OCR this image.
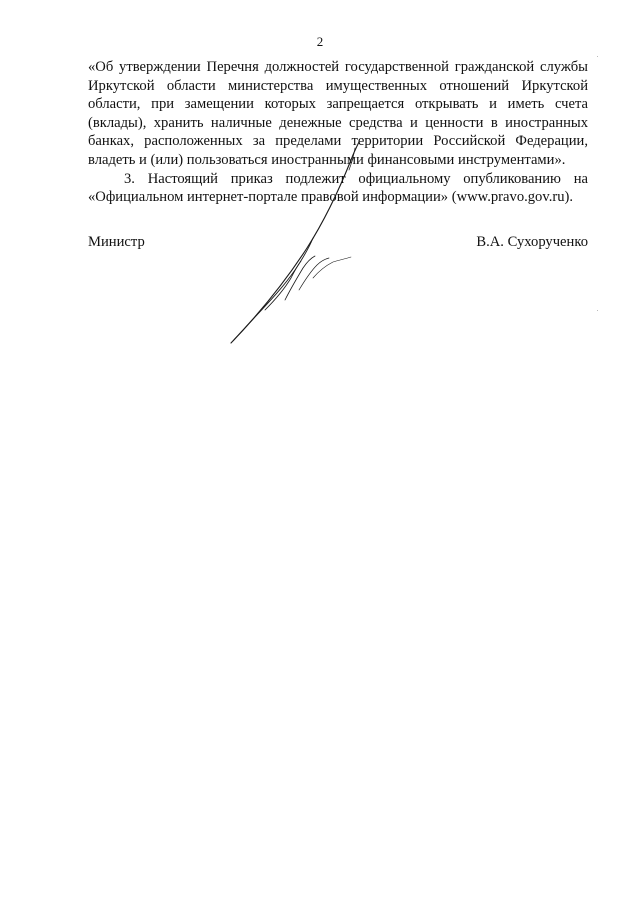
2

«Об утверждении Перечня должностей государственной гражданской службы Иркутской области министерства имущественных отношений Иркутской области, при замещении которых запрещается открывать и иметь счета (вклады), хранить наличные денежные средства и ценности в иностранных банках, расположенных за пределами территории Российской Федерации, владеть и (или) пользоваться иностранными финансовыми инструментами».

3. Настоящий приказ подлежит официальному опубликованию на «Официальном интернет-портале правовой информации» (www.pravo.gov.ru).

Министр	В.А. Сухорученко
